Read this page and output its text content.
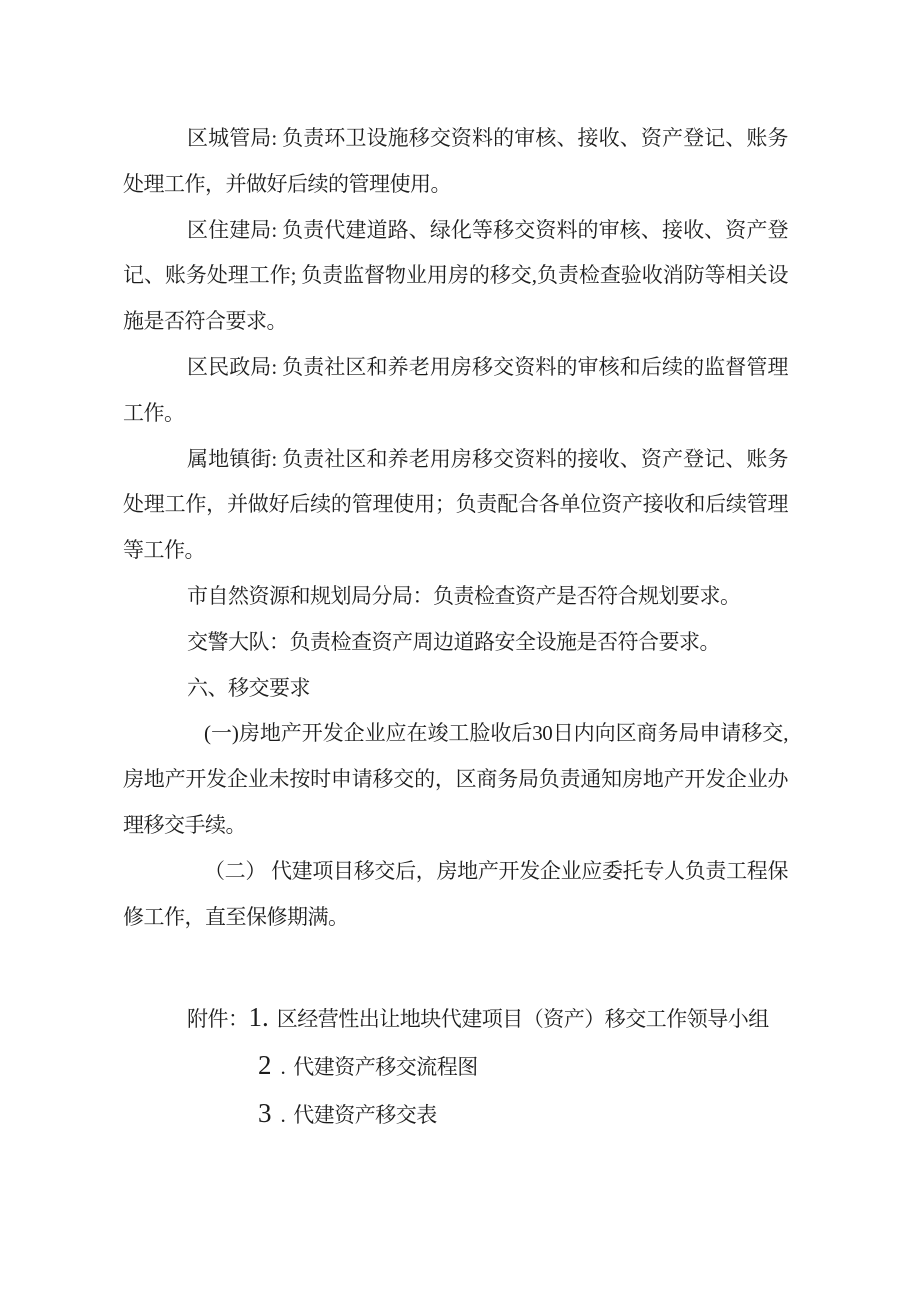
区城管局: 负责环卫设施移交资料的审核、接收、资产登记、账务处理工作，并做好后续的管理使用。

区住建局: 负责代建道路、绿化等移交资料的审核、接收、资产登记、账务处理工作; 负责监督物业用房的移交,负责检查验收消防等相关设施是否符合要求。

区民政局: 负责社区和养老用房移交资料的审核和后续的监督管理工作。

属地镇街: 负责社区和养老用房移交资料的接收、资产登记、账务处理工作，并做好后续的管理使用；负责配合各单位资产接收和后续管理等工作。

市自然资源和规划局分局：负责检查资产是否符合规划要求。

交警大队：负责检查资产周边道路安全设施是否符合要求。

六、移交要求

(一)房地产开发企业应在竣工脸收后30日内向区商务局申请移交,房地产开发企业未按时申请移交的，区商务局负责通知房地产开发企业办理移交手续。

（二） 代建项目移交后，房地产开发企业应委托专人负责工程保修工作，直至保修期满。

附件：1. 区经营性出让地块代建项目（资产）移交工作领导小组

2 . 代建资产移交流程图

3 . 代建资产移交表
